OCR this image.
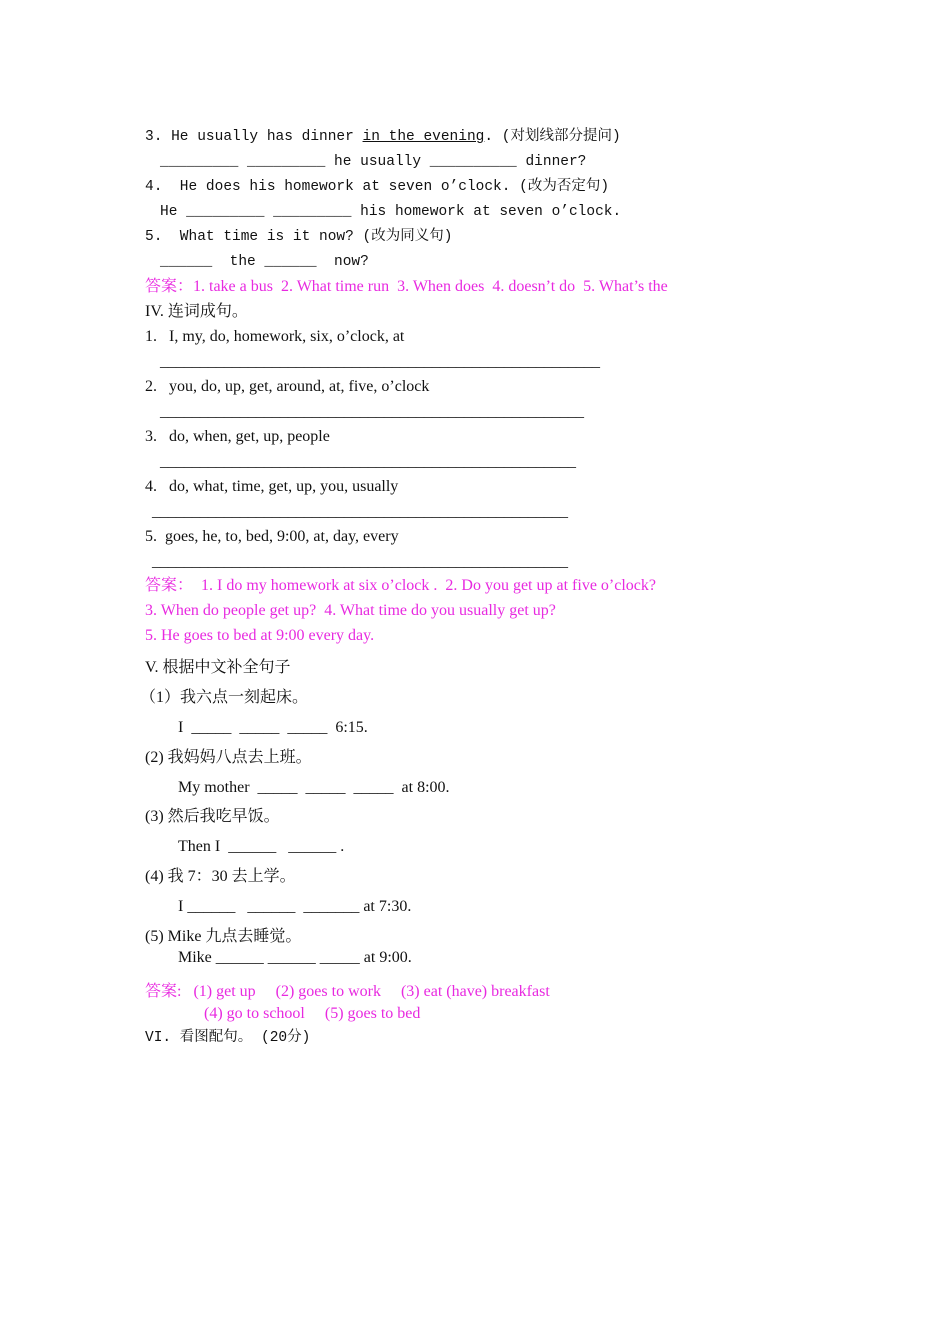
3. He usually has dinner in the evening. (对划线部分提问)
_________ _________ he usually __________ dinner?
4.  He does his homework at seven o’clock. (改为否定句)
He _________ _________ his homework at seven o’clock.
5.  What time is it now? (改为同义句)
______  the ______  now?
答案：1. take a bus  2. What time run  3. When does  4. doesn’t do  5. What’s the
IV. 连词成句。
1.   I, my, do, homework, six, o’clock, at
_______________________________________________________
2.   you, do, up, get, around, at, five, o’clock
_____________________________________________________
3.   do, when, get, up, people
____________________________________________________
4.   do, what, time, get, up, you, usually
____________________________________________________
5.  goes, he, to, bed, 9:00, at, day, every
____________________________________________________
答案：  1. I do my homework at six o’clock .  2. Do you get up at five o’clock?
3. When do people get up?  4. What time do you usually get up?
5. He goes to bed at 9:00 every day.
V. 根据中文补全句子
（1）我六点一刻起床。
I  _____  _____  _____  6:15.
(2) 我妈妈八点去上班。
My mother  _____  _____  _____  at 8:00.
(3) 然后我吃早饭。
Then I  ______   ______ .
(4) 我 7：30 去上学。
I ______   ______  _______ at 7:30.
(5) Mike 九点去睡觉。
Mike ______ ______ _____ at 9:00.
答案:   (1) get up     (2) goes to work     (3) eat (have) breakfast
(4) go to school     (5) goes to bed
VI. 看图配句。 (20分)
